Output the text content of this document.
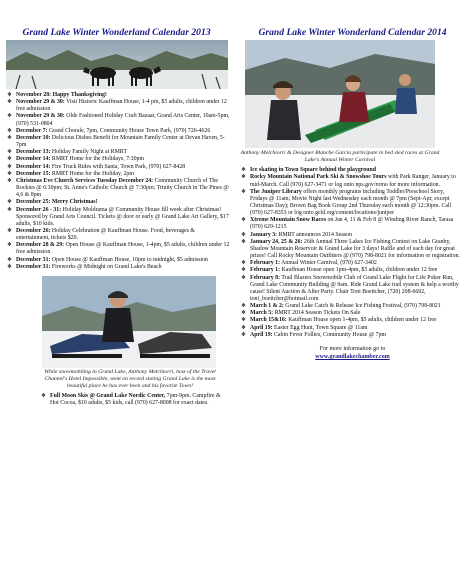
Grand Lake Winter Wonderland Calendar 2013
❖ November 28: Happy Thanksgiving!
❖ November 29 & 30: Visit Historic Kauffman House, 1-4 pm, $5 adults, children under 12 free admission
❖ November 29 & 30: Olde Fashioned Holiday Craft Bazaar, Grand Arts Center, 10am-5pm, (970) 531-0804
❖ December 7: Grand Chorale, 7pm, Community House Town Park, (970) 726-4626
❖ December 10: Delicious Dishes Benefit for Mountain Family Center at Devan Haven, 5-7pm
❖ December 13: Holiday Family Night at RMRT
❖ December 14: RMRT Home for the Holidays, 7:30pm
❖ December 14: Fire Truck Rides with Santa, Town Park, (970) 627-8428
❖ December 15: RMRT Home for the Holiday, 2pm
❖ Christmas Eve Church Services Tuesday December 24: Community Church of The Rockies @ 6:30pm; St. Anne's Catholic Church @ 7:30pm; Trinity Church in The Pines @ 4,6 & 8pm
❖ December 25: Merry Christmas!
❖ December 26 - 31: Holiday Moldrama @ Community House fill week after Christmas! Sponsored by Grand Arts Council. Tickets @ door or early @ Grand Lake Art Gallery, $17 adults, $10 kids.
❖ December 26: Holiday Celebration @ Kauffman House. Food, beverages & entertainment, tickets $20.
❖ December 28 & 29: Open House @ Kauffman House, 1-4pm, $5 adults, children under 12 free admission
❖ December 31: Open House @ Kauffman House, 10pm to midnight, $5 admission
❖ December 31: Fireworks @ Midnight on Grand Lake's Beach
While snowmobiling in Grand Lake, Anthony Melchiorri, host of the Travel Channel's Hotel Impossible, went on record stating Grand Lake is the most beautiful place he has ever been and his favorite Town!
❖ Full Moon Skis @ Grand Lake Nordic Center, 7pm-9pm. Campfire & Hot Cocoa, $10 adults, $5 kids, call (970) 627-8008 for exact dates.
Grand Lake Winter Wonderland Calendar 2014
Anthony Melchiorri & Designer Blanche Garcia participate in bed sled races at Grand Lake's Annual Winter Carnival
❖ Ice skating in Town Square behind the playground
❖ Rocky Mountain National Park Ski & Snowshoe Tours with Park Ranger, January to mid-March. Call (970) 627-3471 or log onto nps.gov/romo for more information.
❖ The Juniper Library offers monthly programs including Toddler/Preschool Story, Fridays @ 11am; Movie Night last Wednesday each month @ 7pm (Sept-Apr, except Christmas Day); Brown Bag Book Group 2nd Thursday each month @ 12:30pm. Call (970) 627-8353 or log onto gcld.org/content/locations/juniper
❖ Xtreme Mountain Snow Races on Jan 4, 11 & Feb 8 @ Winding River Ranch, Tarasa (970) 629-1215
❖ January 3: RMRT announces 2014 Season
❖ January 24, 25 & 26: 26th Annual Three Lakes Ice Fishing Contest on Lake Granby, Shadow Mountain Reservoir & Grand Lake for 3 days! Raffle and of each day for great prizes! Call Rocky Mountain Outfitters @ (970) 798-8021 for information or registration.
❖ February 1: Annual Winter Carnival, (970) 627-3402
❖ February 1: Kauffman House open 1pm-4pm, $5 adults, children under 12 free
❖ February 8: Trail Blazers Snowmobile Club of Grand Lake Flight for Life Poker Run, Grand Lake Community Building @ 9am. Ride Grand Lake trail system & help a worthy cause! Silent Auction & After Party. Chair Toni Boettcher, (720) 208-6692, toni_boettcher@hotmail.com
❖ March 1 & 2: Grand Lake Catch & Release Ice Fishing Festival, (970) 798-8021
❖ March 5: RMRT 2014 Season Tickets On Sale
❖ March 15&16: Kauffman House open 1-4pm, $5 adults, children under 12 free
❖ April 19: Easter Egg Hunt, Town Square @ 11am
❖ April 19: Cabin Fever Follies, Community House @ 7pm
For more information go to
www.grandlakechamber.com
